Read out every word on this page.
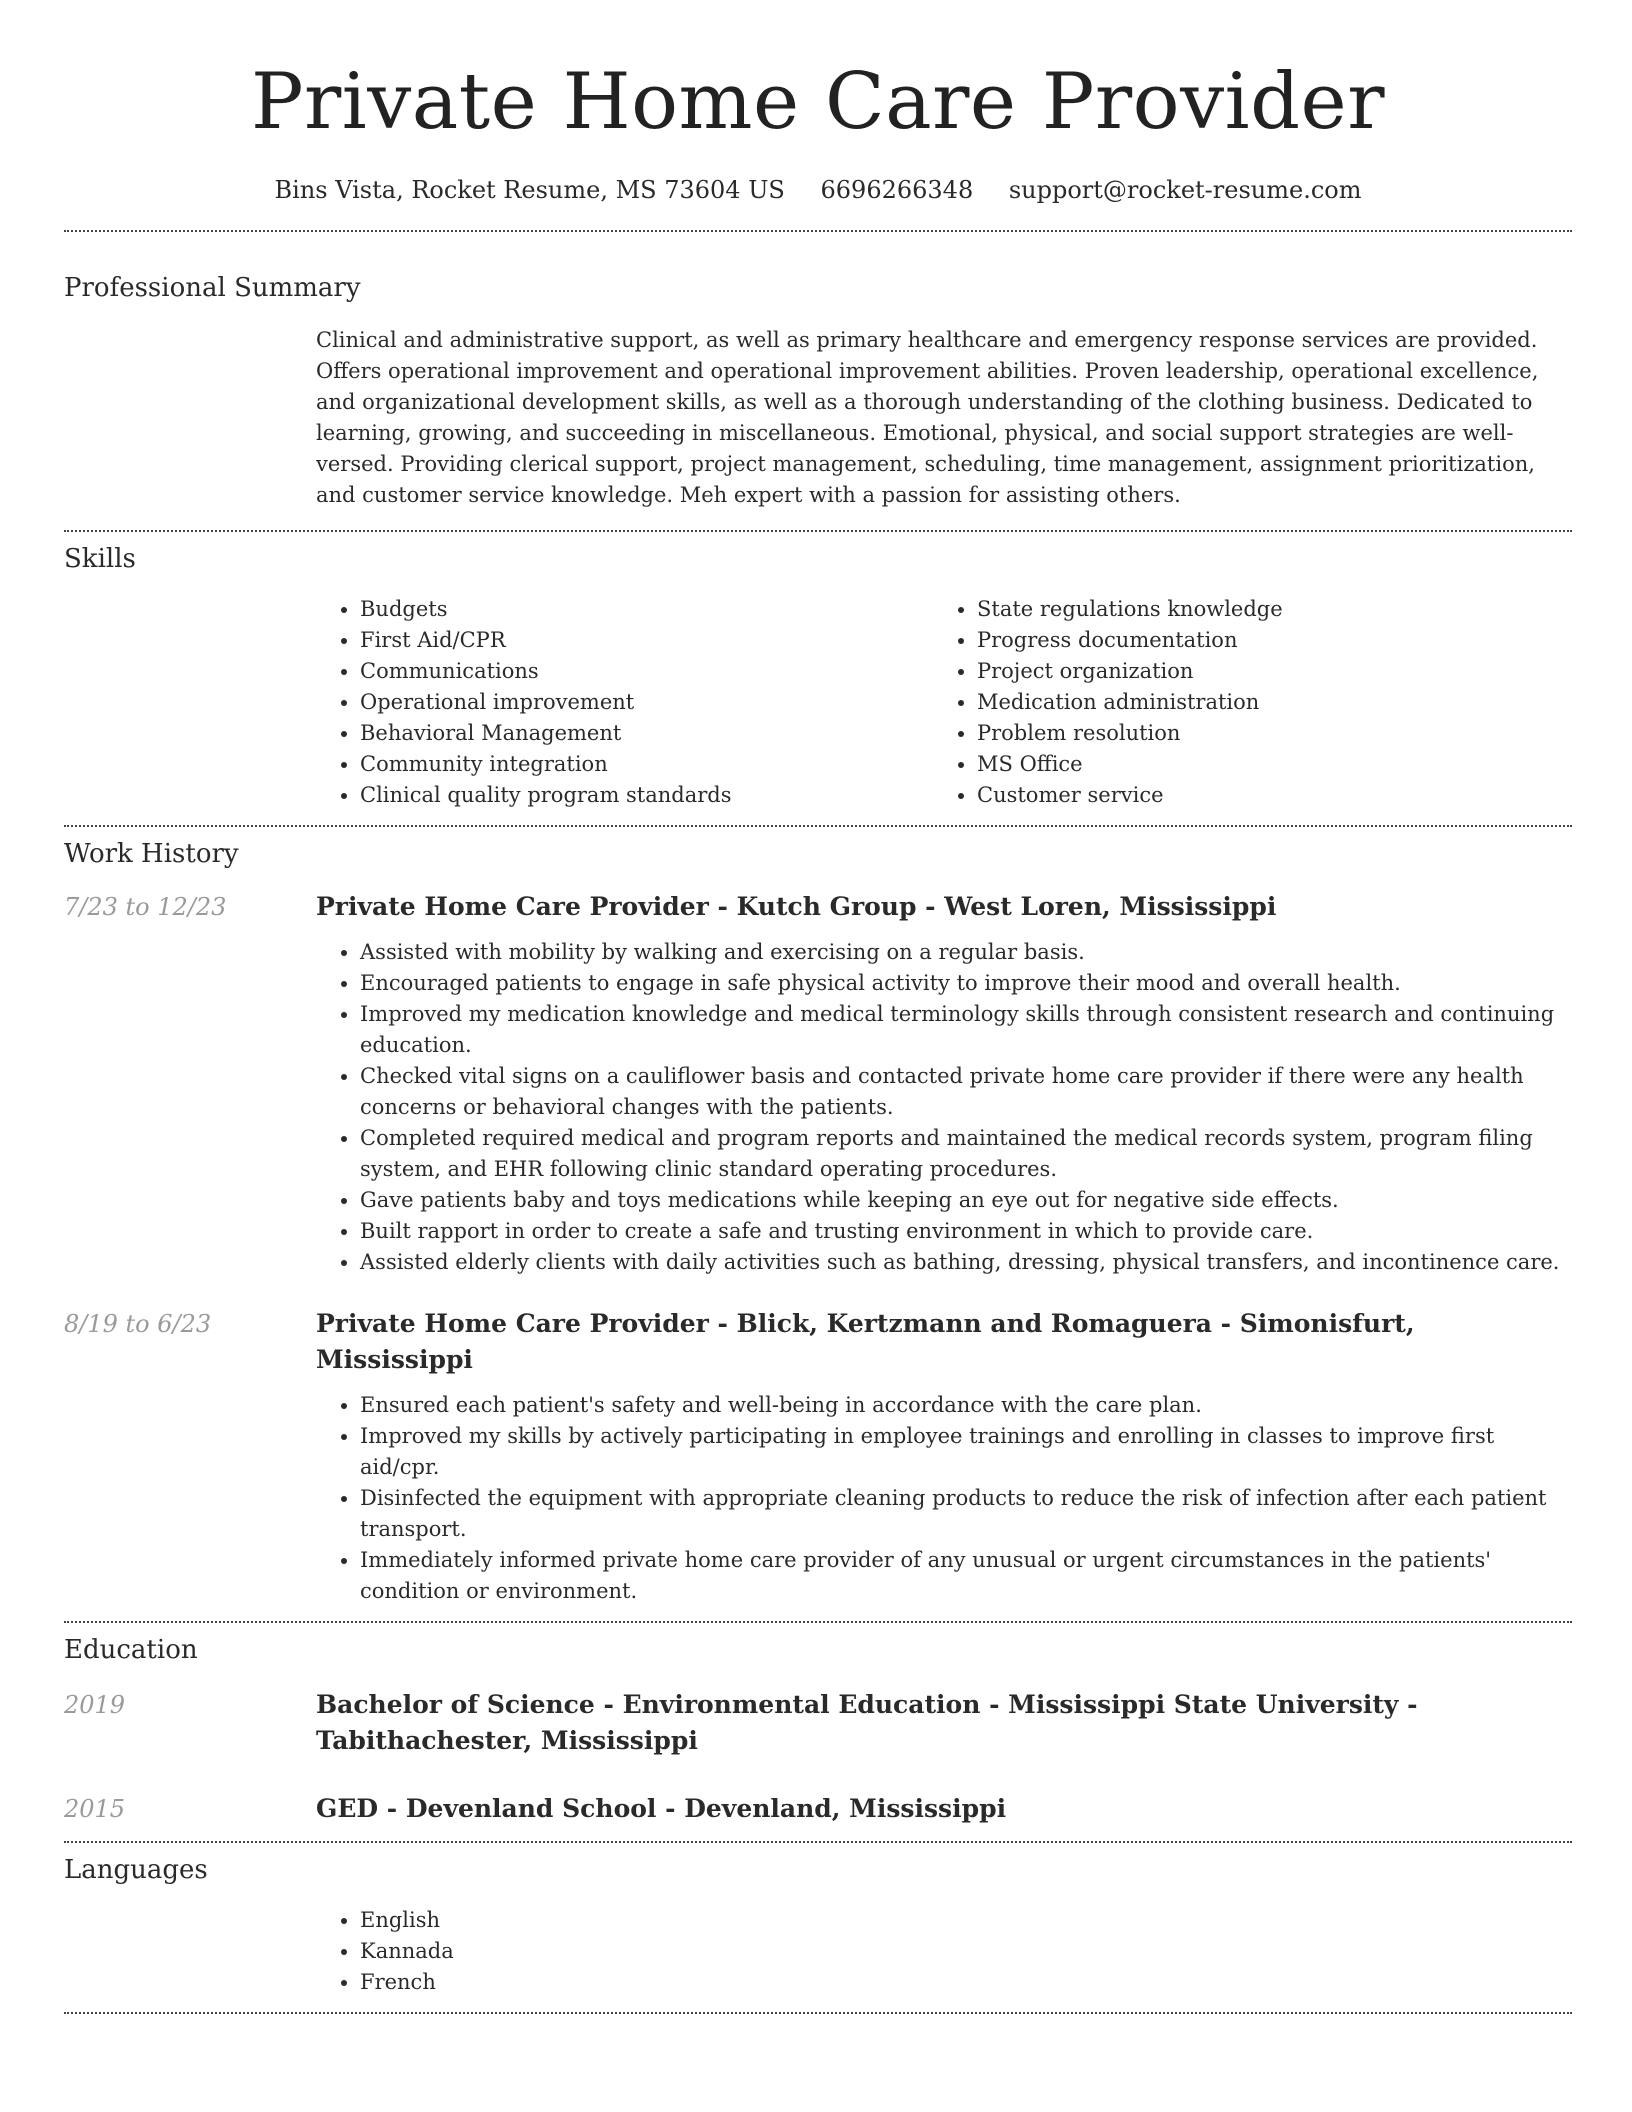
Private Home Care Provider
Bins Vista, Rocket Resume, MS 73604 US 6696266348 support@rocket-resume.com
Professional Summary

Clinical and administrative support, as well as primary healthcare and emergency response services are provided. Offers operational improvement and operational improvement abilities. Proven leadership, operational excellence, and organizational development skills, as well as a thorough understanding of the clothing business. Dedicated to learning, growing, and succeeding in miscellaneous. Emotional, physical, and social support strategies are well-versed. Providing clerical support, project management, scheduling, time management, assignment prioritization, and customer service knowledge. Meh expert with a passion for assisting others.

Skills
• Budgets
• First Aid/CPR
• Communications
• Operational improvement
• Behavioral Management
• Community integration
• Clinical quality program standards
• State regulations knowledge
• Progress documentation
• Project organization
• Medication administration
• Problem resolution
• MS Office
• Customer service
Work History
7/23 to 12/23	Private Home Care Provider - Kutch Group - West Loren, Mississippi
• Assisted with mobility by walking and exercising on a regular basis.
• Encouraged patients to engage in safe physical activity to improve their mood and overall health.
• Improved my medication knowledge and medical terminology skills through consistent research and continuing education.
• Checked vital signs on a cauliflower basis and contacted private home care provider if there were any health concerns or behavioral changes with the patients.
• Completed required medical and program reports and maintained the medical records system, program filing system, and EHR following clinic standard operating procedures.
• Gave patients baby and toys medications while keeping an eye out for negative side effects.
• Built rapport in order to create a safe and trusting environment in which to provide care.
• Assisted elderly clients with daily activities such as bathing, dressing, physical transfers, and incontinence care.
8/19 to 6/23	Private Home Care Provider - Blick, Kertzmann and Romaguera - Simonisfurt, Mississippi
• Ensured each patient's safety and well-being in accordance with the care plan.
• Improved my skills by actively participating in employee trainings and enrolling in classes to improve first aid/cpr.
• Disinfected the equipment with appropriate cleaning products to reduce the risk of infection after each patient transport.
• Immediately informed private home care provider of any unusual or urgent circumstances in the patients' condition or environment.
Education
2019	Bachelor of Science - Environmental Education - Mississippi State University - Tabithachester, Mississippi
2015	GED - Devenland School - Devenland, Mississippi
Languages
• English
• Kannada
• French
